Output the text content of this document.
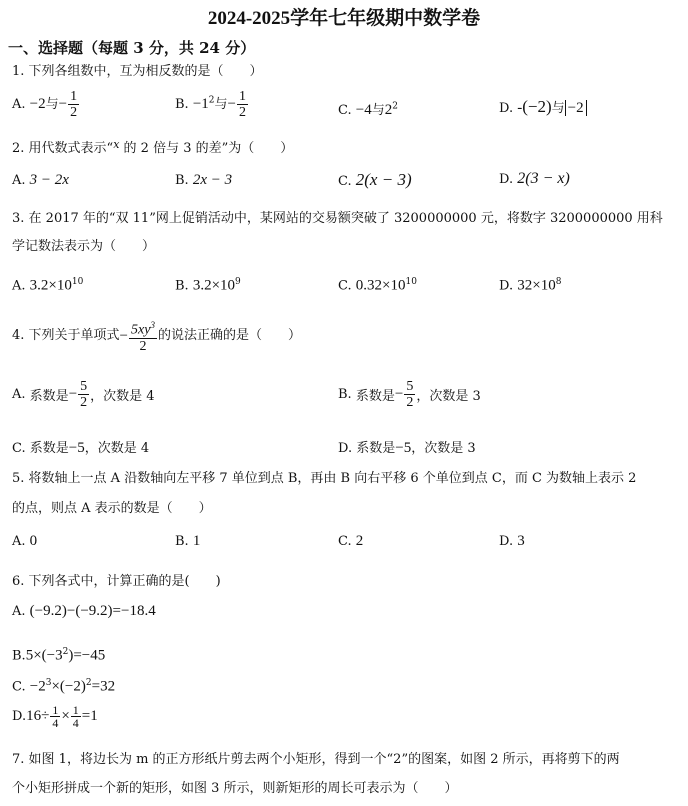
2024-2025学年七年级期中数学卷
一、选择题（每题 3 分，共 24 分）
1. 下列各组数中，互为相反数的是（　　）
A. −2与− $\frac{1}{2}$	B. $-1^2$与− $\frac{1}{2}$	C. −4与$2^2$	D. -(−2)与 −2
2. 用代数式表示“$^x$ 的 2 倍与 3 的差”为（　　）
A. 3 − 2x	B. 2x − 3	C. 2(x − 3)	D. 2(3 − x)
3. 在 2017 年的“双 11”网上促销活动中，某网站的交易额突破了 3200000000 元，将数字 3200000000 用科
学记数法表示为（　　）
A. $3.2\times 10^{10}$	B. $3.2\times 10^9$	C. $0.32\times 10^{10}$	D. $32\times 10^8$
4. 下列关于单项式− $\frac{5xy^3}{2}$ 的说法正确的是（　　）
A. 系数是− $\frac{5}{2}$ ，次数是 4	B. 系数是− $\frac{5}{2}$ ，次数是 3
C. 系数是−5，次数是 4	D. 系数是−5，次数是 3
5. 将数轴上一点 A 沿数轴向左平移 7 单位到点 B，再由 B 向右平移 6 个单位到点 C，而 C 为数轴上表示 2
的点，则点 A 表示的数是（　　）
A. 0	B. 1	C. 2	D. 3
6. 下列各式中，计算正确的是(　　)
A. (−9.2)−(−9.2)=−18.4
$B.5\times(-3^2)=-45$
C. $-2^3\times(-2)^2=32$
$D.16\div \frac{1}{4} \times \frac{1}{4} =1$
7. 如图 1，将边长为 m 的正方形纸片剪去两个小矩形，得到一个“2”的图案，如图 2 所示，再将剪下的两
个小矩形拼成一个新的矩形，如图 3 所示，则新矩形的周长可表示为（　　）
